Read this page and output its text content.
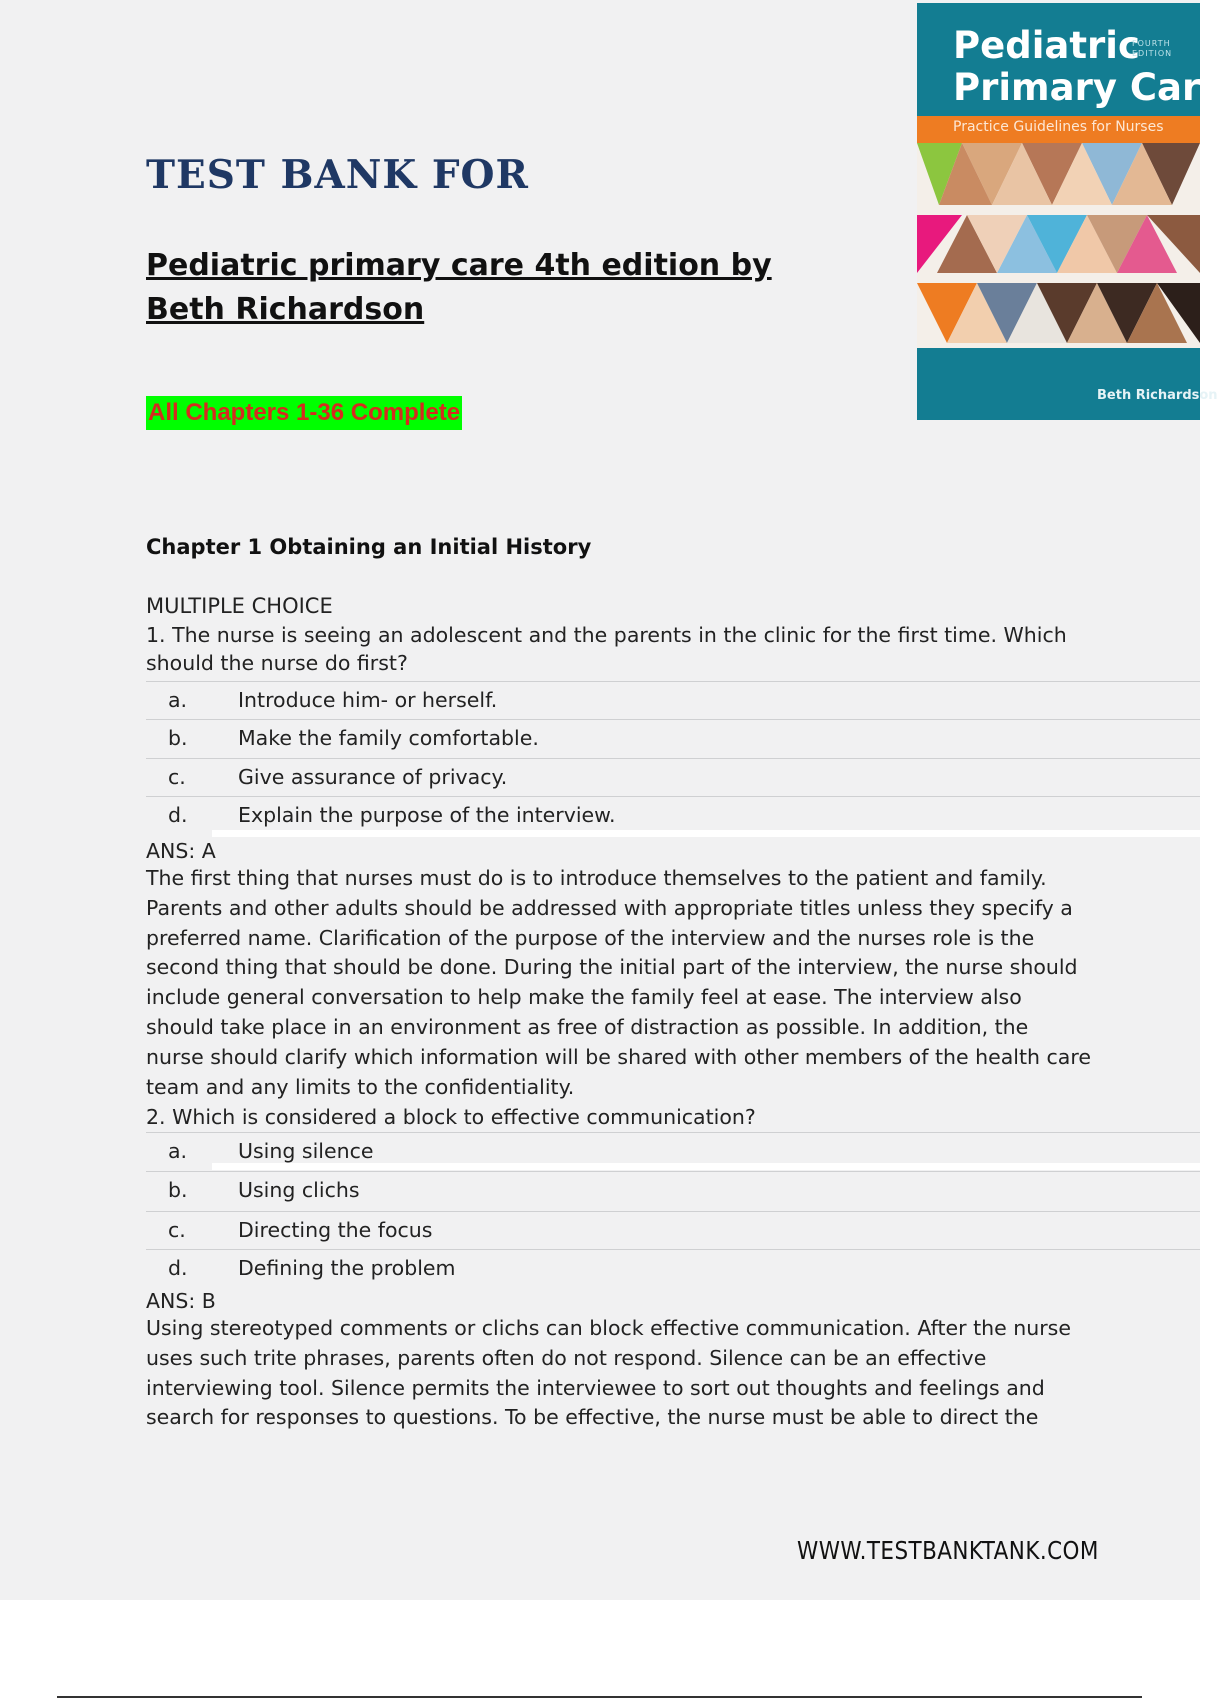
TEST BANK FOR
Pediatric primary care 4th edition by Beth Richardson
All Chapters 1-36 Complete
Pediatric
Primary Care
FOURTH
EDITION
Practice Guidelines for Nurses
Beth Richardson
Chapter 1 Obtaining an Initial History
MULTIPLE CHOICE

1. The nurse is seeing an adolescent and the parents in the clinic for the first time. Which should the nurse do first?

a. Introduce him- or herself.
b. Make the family comfortable.
c.	Give assurance of privacy.
d. Explain the purpose of the interview.
ANS: A

The first thing that nurses must do is to introduce themselves to the patient and family. Parents and other adults should be addressed with appropriate titles unless they specify a preferred name. Clarification of the purpose of the interview and the nurses role is the second thing that should be done. During the initial part of the interview, the nurse should include general conversation to help make the family feel at ease. The interview also should take place in an environment as free of distraction as possible. In addition, the nurse should clarify which information will be shared with other members of the health care team and any limits to the confidentiality.

2. Which is considered a block to effective communication?

a. Using silence
b. Using clichs
c.	Directing the focus
d. Defining the problem
ANS: B

Using stereotyped comments or clichs can block effective communication. After the nurse uses such trite phrases, parents often do not respond. Silence can be an effective interviewing tool. Silence permits the interviewee to sort out thoughts and feelings and search for responses to questions. To be effective, the nurse must be able to direct the

WWW.TESTBANKTANK.COM
